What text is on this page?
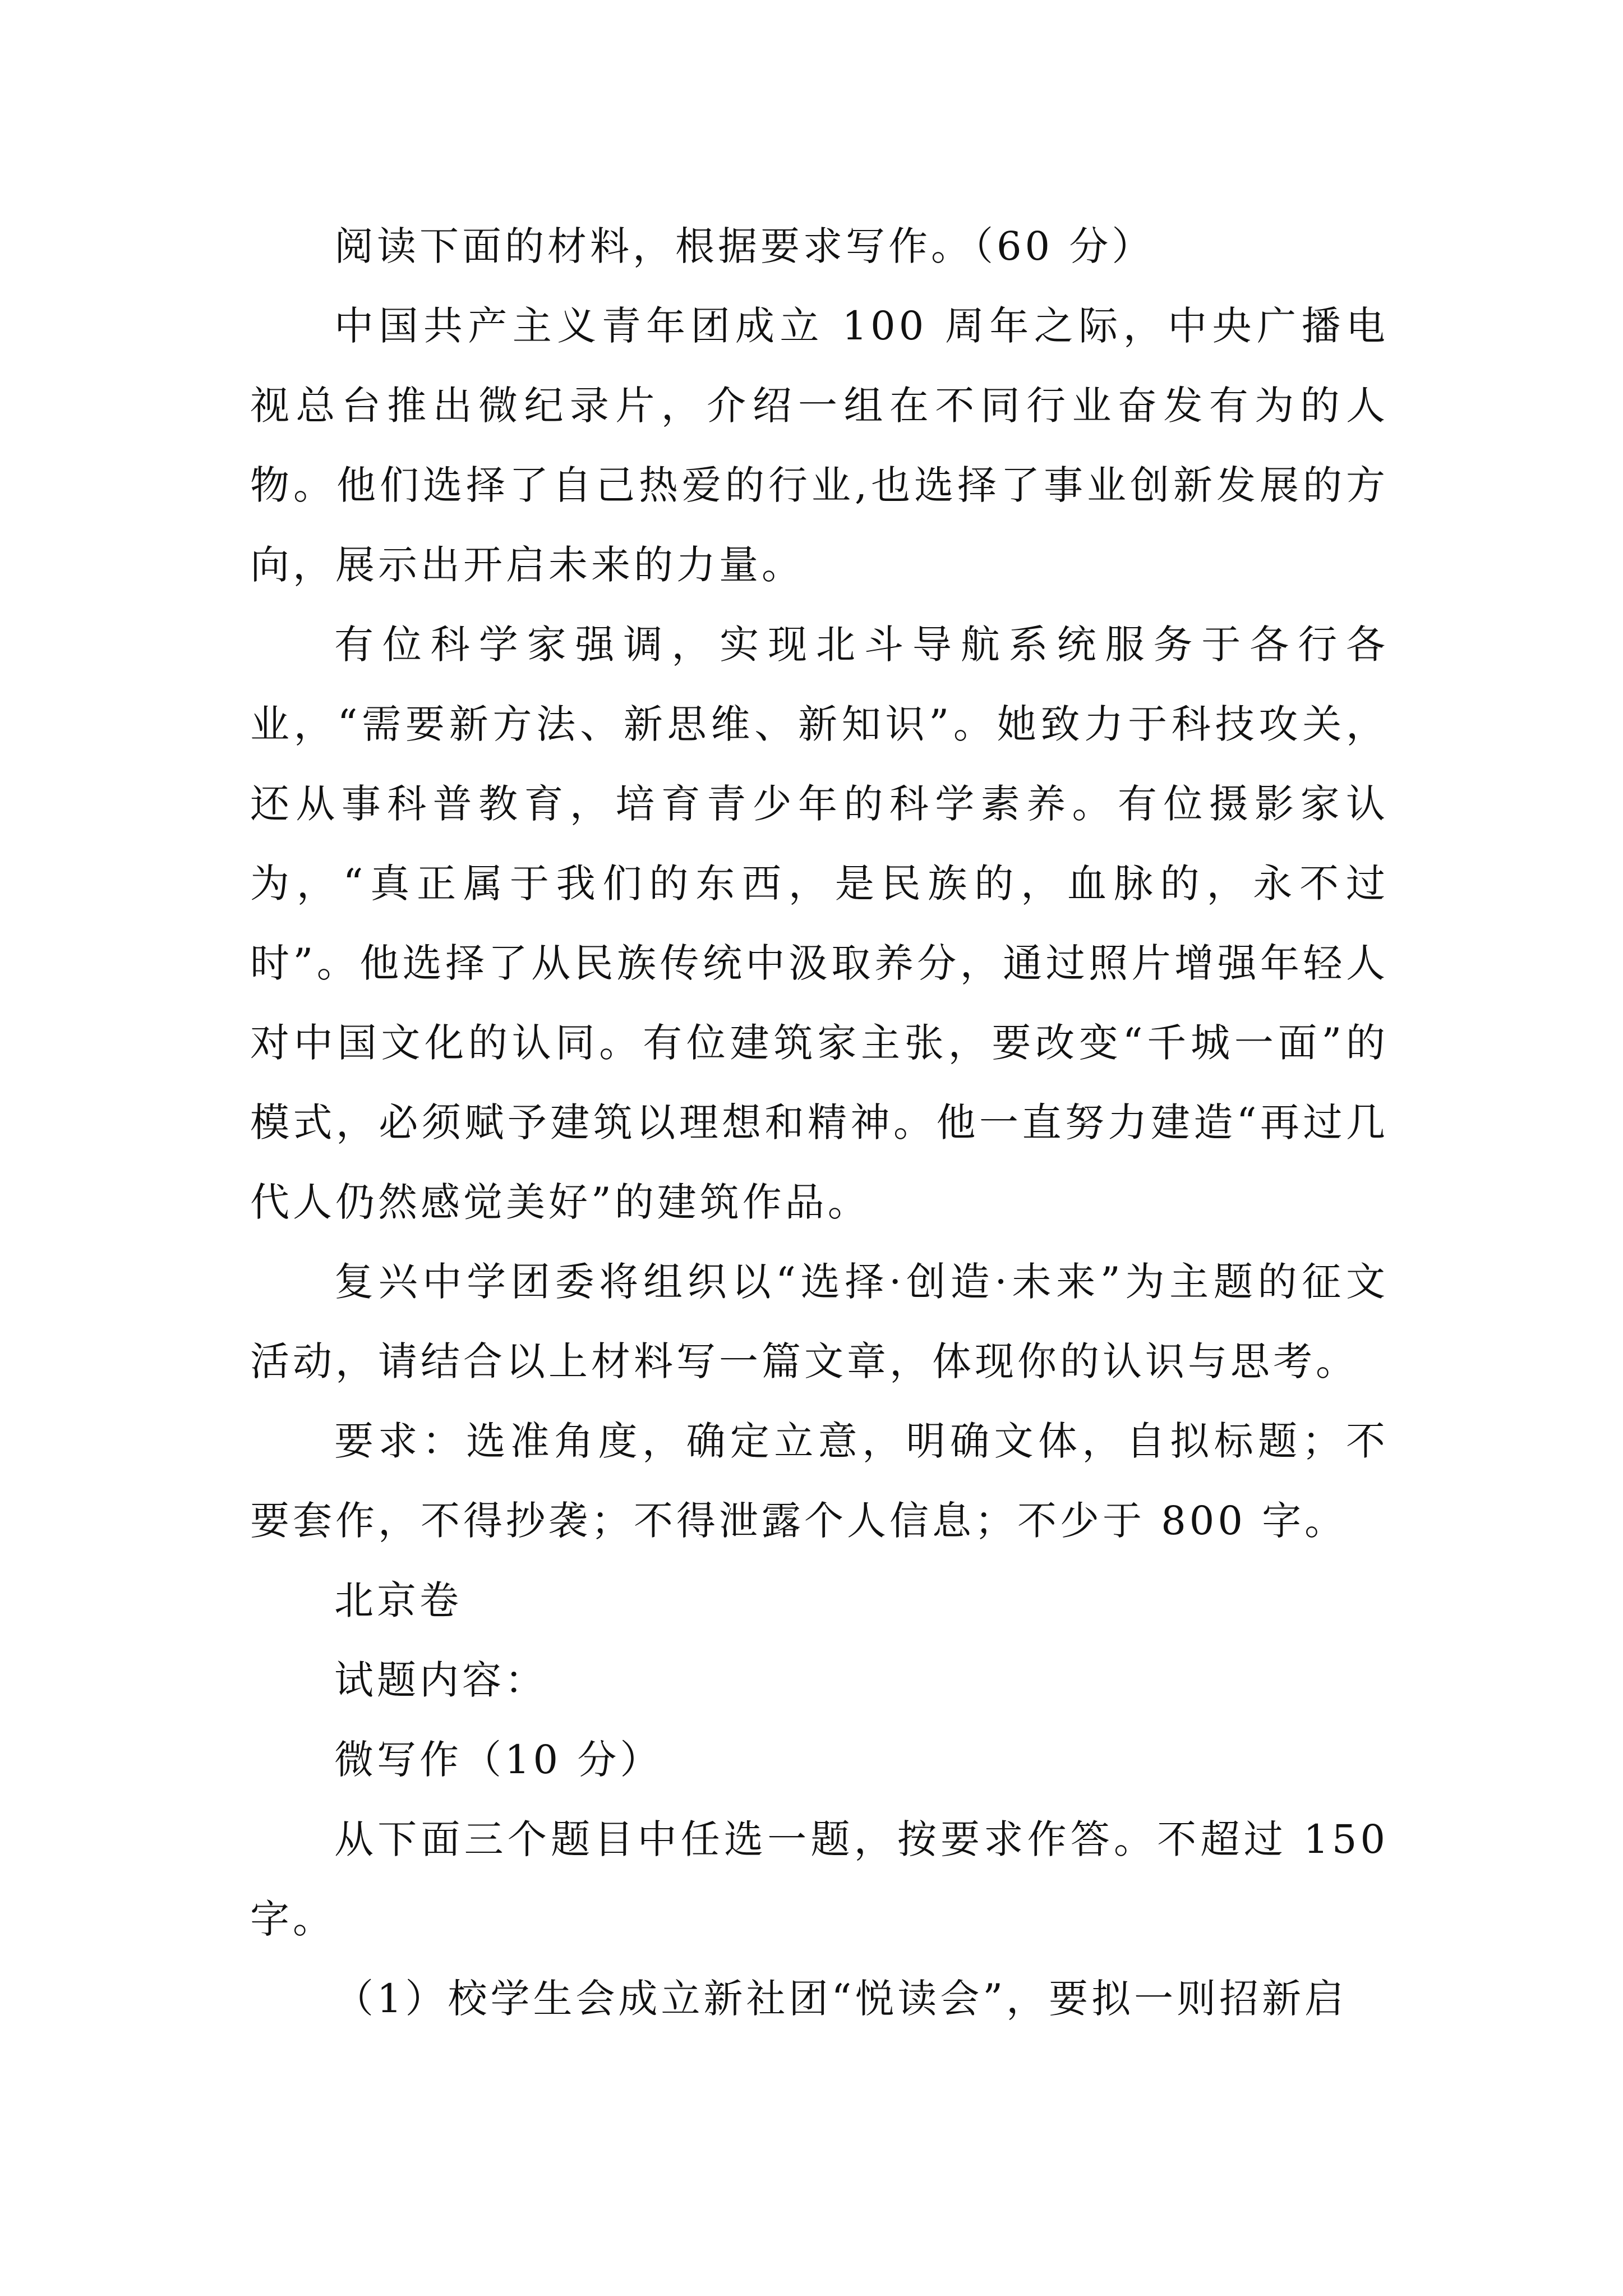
阅读下面的材料，根据要求写作。（60 分）

中国共产主义青年团成立 100 周年之际，中央广播电视总台推出微纪录片，介绍一组在不同行业奋发有为的人物。他们选择了自己热爱的行业,也选择了事业创新发展的方向，展示出开启未来的力量。

有位科学家强调，实现北斗导航系统服务于各行各业，“需要新方法、新思维、新知识”。她致力于科技攻关，还从事科普教育，培育青少年的科学素养。有位摄影家认为，“真正属于我们的东西，是民族的，血脉的，永不过时”。他选择了从民族传统中汲取养分，通过照片增强年轻人对中国文化的认同。有位建筑家主张，要改变“千城一面”的模式，必须赋予建筑以理想和精神。他一直努力建造“再过几代人仍然感觉美好”的建筑作品。

复兴中学团委将组织以“选择·创造·未来”为主题的征文活动，请结合以上材料写一篇文章，体现你的认识与思考。

要求：选准角度，确定立意，明确文体，自拟标题；不要套作，不得抄袭；不得泄露个人信息；不少于 800 字。

北京卷

试题内容：

微写作（10 分）

从下面三个题目中任选一题，按要求作答。不超过 150 字。

（1）校学生会成立新社团“悦读会”，要拟一则招新启
